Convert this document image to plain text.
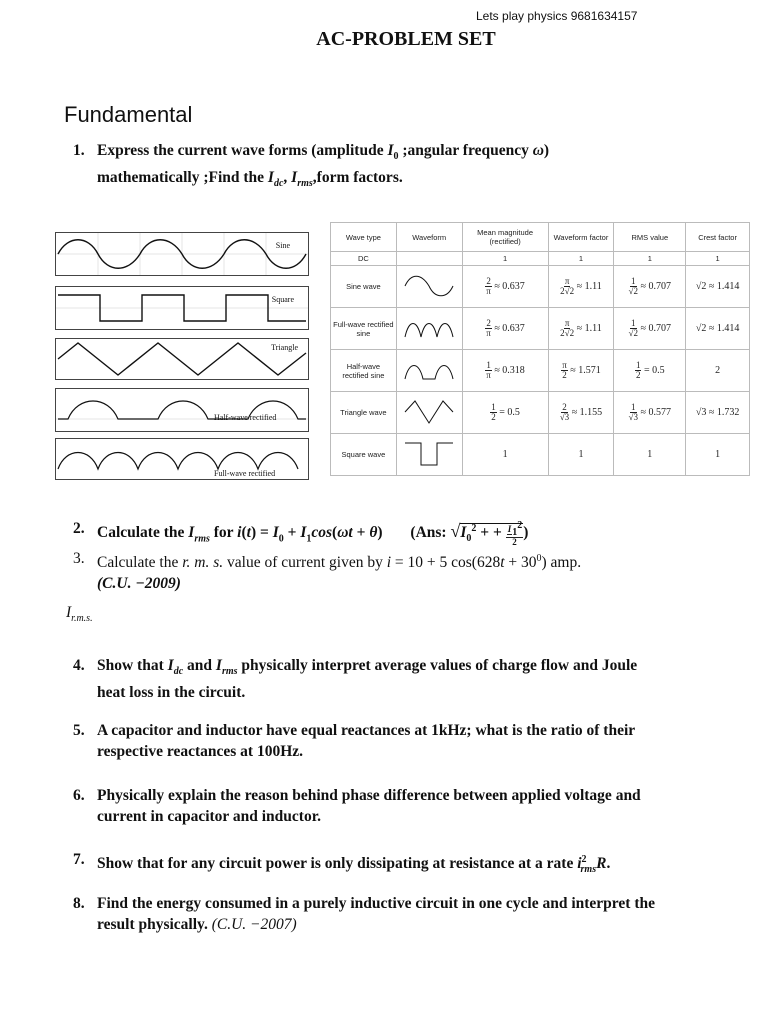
Lets play physics 9681634157
AC-PROBLEM SET
Fundamental
1. Express the current wave forms (amplitude $I_0$ ;angular frequency ω)
mathematically ;Find the $I_{dc}$, $I_{rms},form$ factors.
Sine
Square
Triangle
Half-wave rectified
Full-wave rectified
Wave type	Waveform	Mean magnitude (rectified)	Waveform factor	RMS value	Crest factor
DC		1	1	1	1
Sine wave		$\frac{2}{\pi} \approx 0.637$	$\frac{\pi}{2√2} \approx 1.11$	$\frac{1}{√2} \approx 0.707$	√2 ≈ 1.414
Full-wave rectified sine		$\frac{2}{\pi} \approx 0.637$	$\frac{\pi}{2√2} \approx 1.11$	$\frac{1}{√2} \approx 0.707$	√2 ≈ 1.414
Half-wave rectified sine		$\frac{1}{\pi} \approx 0.318$	$\frac{\pi}{2} \approx 1.571$	$\frac{1}{2} = 0.5$	2
Triangle wave		$\frac{1}{2} = 0.5$	$\frac{2}{√3} \approx 1.155$	$\frac{1}{√3} \approx 0.577$	√3 ≈ 1.732
Square wave		1	1	1	1
2. Calculate the $I_{rms}$ for $i(t) = I_0 + I_1\cos(\omega t + \theta)$ (Ans: $√I_0^2$ + + $\frac{I_1^2}{2}$ )
3. Calculate the r. m. s. value of current given by i = 10 + 5 $\cos(628t + 30^0)$ amp.
(C.U. −2009)
$I_{r.m.s.}$
4. Show that $I_{dc}$ and $I_{rms}$ physically interpret average values of charge flow and Joule
heat loss in the circuit.
5. A capacitor and inductor have equal reactances at 1kHz; what is the ratio of their
respective reactances at 100Hz.
6. Physically explain the reason behind phase difference between applied voltage and
current in capacitor and inductor.
7. Show that for any circuit power is only dissipating at resistance at a rate $i^2_{rms}R$.
8. Find the energy consumed in a purely inductive circuit in one cycle and interpret the
result physically. (C.U. −2007)
